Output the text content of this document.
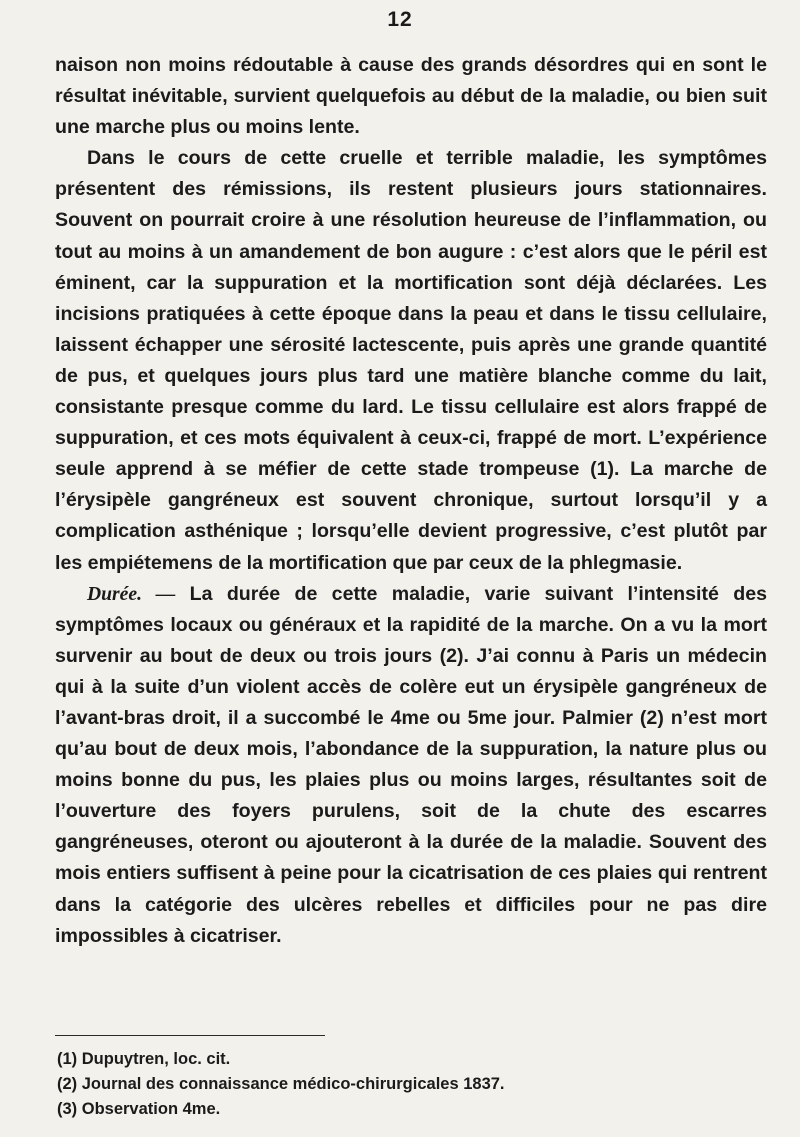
12

naison non moins rédoutable à cause des grands désordres qui en sont le résultat inévitable, survient quelquefois au début de la maladie, ou bien suit une marche plus ou moins lente.

Dans le cours de cette cruelle et terrible maladie, les symptômes présentent des rémissions, ils restent plusieurs jours stationnaires. Souvent on pourrait croire à une résolution heureuse de l’inflammation, ou tout au moins à un amandement de bon augure : c’est alors que le péril est éminent, car la suppuration et la mortification sont déjà déclarées. Les incisions pratiquées à cette époque dans la peau et dans le tissu cellulaire, laissent échapper une sérosité lactescente, puis après une grande quantité de pus, et quelques jours plus tard une matière blanche comme du lait, consistante presque comme du lard. Le tissu cellulaire est alors frappé de suppuration, et ces mots équivalent à ceux-ci, frappé de mort. L’expérience seule apprend à se méfier de cette stade trompeuse (1). La marche de l’érysipèle gangréneux est souvent chronique, surtout lorsqu’il y a complication asthénique ; lorsqu’elle devient progressive, c’est plutôt par les empiétemens de la mortification que par ceux de la phlegmasie.

Durée. — La durée de cette maladie, varie suivant l’intensité des symptômes locaux ou généraux et la rapidité de la marche. On a vu la mort survenir au bout de deux ou trois jours (2). J’ai connu à Paris un médecin qui à la suite d’un violent accès de colère eut un érysipèle gangréneux de l’avant-bras droit, il a succombé le 4me ou 5me jour. Palmier (2) n’est mort qu’au bout de deux mois, l’abondance de la suppuration, la nature plus ou moins bonne du pus, les plaies plus ou moins larges, résultantes soit de l’ouverture des foyers purulens, soit de la chute des escarres gangréneuses, oteront ou ajouteront à la durée de la maladie. Souvent des mois entiers suffisent à peine pour la cicatrisation de ces plaies qui rentrent dans la catégorie des ulcères rebelles et difficiles pour ne pas dire impossibles à cicatriser.

(1) Dupuytren, loc. cit.
(2) Journal des connaissance médico-chirurgicales 1837.
(3) Observation 4me.
